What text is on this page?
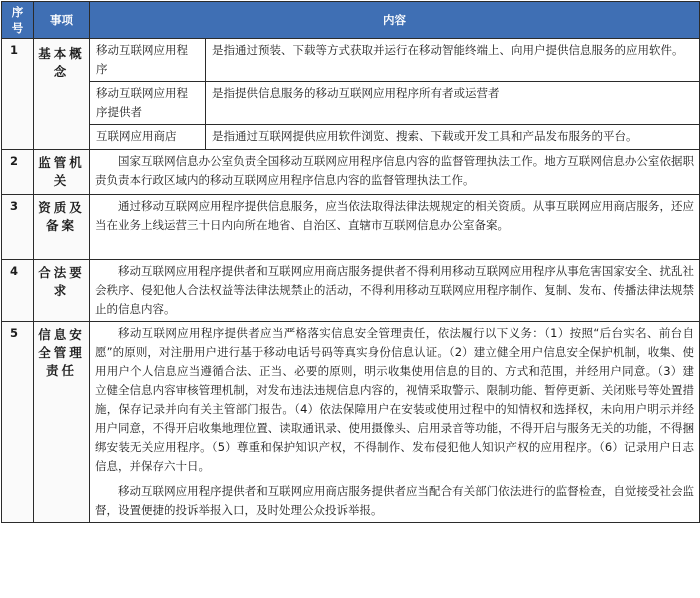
序
号	事项	内容	
1	基本概念	移动互联网应用程序	是指通过预装、下载等方式获取并运行在移动智能终端上、向用户提供信息服务的应用软件。
		移动互联网应用程序提供者	是指提供信息服务的移动互联网应用程序所有者或运营者
		互联网应用商店	是指通过互联网提供应用软件浏览、搜索、下载或开发工具和产品发布服务的平台。
2	监管机关	国家互联网信息办公室负责全国移动互联网应用程序信息内容的监督管理执法工作。地方互联网信息办公室依据职责负责本行政区域内的移动互联网应用程序信息内容的监督管理执法工作。	

3	资质及备案	通过移动互联网应用程序提供信息服务，应当依法取得法律法规规定的相关资质。从事互联网应用商店服务，还应当在业务上线运营三十日内向所在地省、自治区、直辖市互联网信息办公室备案。	

4	合法要求	移动互联网应用程序提供者和互联网应用商店服务提供者不得利用移动互联网应用程序从事危害国家安全、扰乱社会秩序、侵犯他人合法权益等法律法规禁止的活动，不得利用移动互联网应用程序制作、复制、发布、传播法律法规禁止的信息内容。	

5	信息安全管理责任	移动互联网应用程序提供者应当严格落实信息安全管理责任，依法履行以下义务：（1）按照“后台实名、前台自愿”的原则，对注册用户进行基于移动电话号码等真实身份信息认证。（2）建立健全用户信息安全保护机制，收集、使用用户个人信息应当遵循合法、正当、必要的原则，明示收集使用信息的目的、方式和范围，并经用户同意。（3）建立健全信息内容审核管理机制，对发布违法违规信息内容的，视情采取警示、限制功能、暂停更新、关闭账号等处置措施，保存记录并向有关主管部门报告。（4）依法保障用户在安装或使用过程中的知情权和选择权，未向用户明示并经用户同意，不得开启收集地理位置、读取通讯录、使用摄像头、启用录音等功能，不得开启与服务无关的功能，不得捆绑安装无关应用程序。（5）尊重和保护知识产权，不得制作、发布侵犯他人知识产权的应用程序。（6）记录用户日志信息，并保存六十日。

移动互联网应用程序提供者和互联网应用商店服务提供者应当配合有关部门依法进行的监督检查，自觉接受社会监督，设置便捷的投诉举报入口，及时处理公众投诉举报。	
